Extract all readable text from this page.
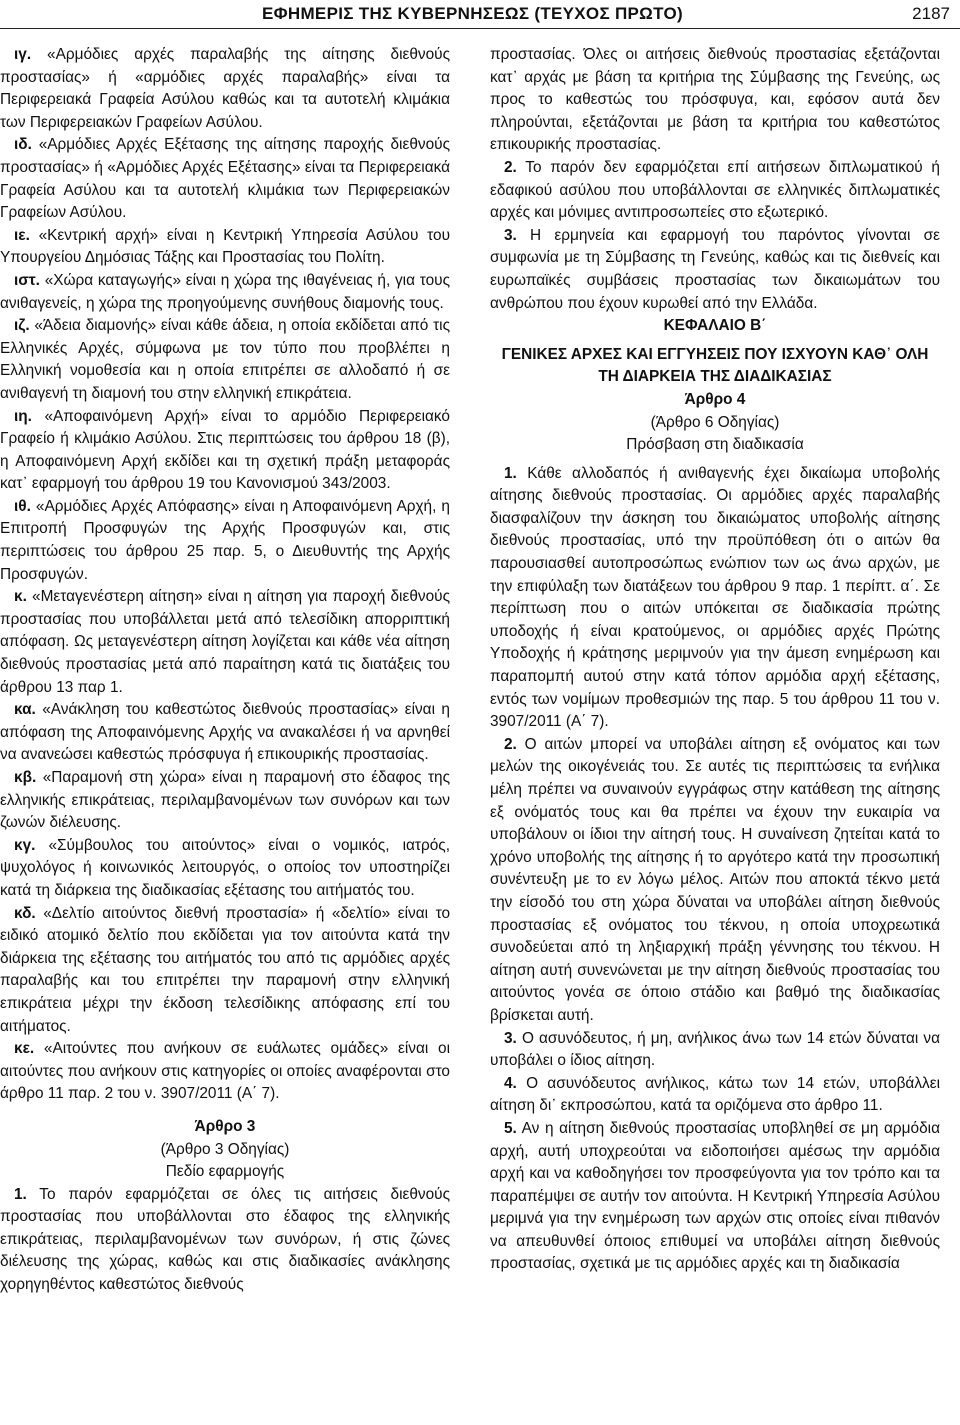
ΕΦΗΜΕΡΙΣ ΤΗΣ ΚΥΒΕΡΝΗΣΕΩΣ (ΤΕΥΧΟΣ ΠΡΩΤΟ)	2187

ιγ. «Αρμόδιες αρχές παραλαβής της αίτησης διεθνούς προστασίας» ή «αρμόδιες αρχές παραλαβής» είναι τα Περιφερειακά Γραφεία Ασύλου καθώς και τα αυτοτελή κλιμάκια των Περιφερειακών Γραφείων Ασύλου.

ιδ. «Αρμόδιες Αρχές Εξέτασης της αίτησης παροχής διεθνούς προστασίας» ή «Αρμόδιες Αρχές Εξέτασης» είναι τα Περιφερειακά Γραφεία Ασύλου και τα αυτοτελή κλιμάκια των Περιφερειακών Γραφείων Ασύλου.

ιε. «Κεντρική αρχή» είναι η Κεντρική Υπηρεσία Ασύλου του Υπουργείου Δημόσιας Τάξης και Προστασίας του Πολίτη.

ιστ. «Χώρα καταγωγής» είναι η χώρα της ιθαγένειας ή, για τους ανιθαγενείς, η χώρα της προηγούμενης συνήθους διαμονής τους.

ιζ. «Άδεια διαμονής» είναι κάθε άδεια, η οποία εκδίδεται από τις Ελληνικές Αρχές, σύμφωνα με τον τύπο που προβλέπει η Ελληνική νομοθεσία και η οποία επιτρέπει σε αλλοδαπό ή σε ανιθαγενή τη διαμονή του στην ελληνική επικράτεια.

ιη. «Αποφαινόμενη Αρχή» είναι το αρμόδιο Περιφερειακό Γραφείο ή κλιμάκιο Ασύλου. Στις περιπτώσεις του άρθρου 18 (β), η Αποφαινόμενη Αρχή εκδίδει και τη σχετική πράξη μεταφοράς κατ᾽ εφαρμογή του άρθρου 19 του Κανονισμού 343/2003.

ιθ. «Αρμόδιες Αρχές Απόφασης» είναι η Αποφαινόμενη Αρχή, η Επιτροπή Προσφυγών της Αρχής Προσφυγών και, στις περιπτώσεις του άρθρου 25 παρ. 5, ο Διευθυντής της Αρχής Προσφυγών.

κ. «Μεταγενέστερη αίτηση» είναι η αίτηση για παροχή διεθνούς προστασίας που υποβάλλεται μετά από τελεσίδικη απορριπτική απόφαση. Ως μεταγενέστερη αίτηση λογίζεται και κάθε νέα αίτηση διεθνούς προστασίας μετά από παραίτηση κατά τις διατάξεις του άρθρου 13 παρ 1.

κα. «Ανάκληση του καθεστώτος διεθνούς προστασίας» είναι η απόφαση της Αποφαινόμενης Αρχής να ανακαλέσει ή να αρνηθεί να ανανεώσει καθεστώς πρόσφυγα ή επικουρικής προστασίας.

κβ. «Παραμονή στη χώρα» είναι η παραμονή στο έδαφος της ελληνικής επικράτειας, περιλαμβανομένων των συνόρων και των ζωνών διέλευσης.

κγ. «Σύμβουλος του αιτούντος» είναι ο νομικός, ιατρός, ψυχολόγος ή κοινωνικός λειτουργός, ο οποίος τον υποστηρίζει κατά τη διάρκεια της διαδικασίας εξέτασης του αιτήματός του.

κδ. «Δελτίο αιτούντος διεθνή προστασία» ή «δελτίο» είναι το ειδικό ατομικό δελτίο που εκδίδεται για τον αιτούντα κατά την διάρκεια της εξέτασης του αιτήματός του από τις αρμόδιες αρχές παραλαβής και του επιτρέπει την παραμονή στην ελληνική επικράτεια μέχρι την έκδοση τελεσίδικης απόφασης επί του αιτήματος.

κε. «Αιτούντες που ανήκουν σε ευάλωτες ομάδες» είναι οι αιτούντες που ανήκουν στις κατηγορίες οι οποίες αναφέρονται στο άρθρο 11 παρ. 2 του ν. 3907/2011 (Α΄ 7).

Άρθρο 3

(Άρθρο 3 Οδηγίας)

Πεδίο εφαρμογής

1. Το παρόν εφαρμόζεται σε όλες τις αιτήσεις διεθνούς προστασίας που υποβάλλονται στο έδαφος της ελληνικής επικράτειας, περιλαμβανομένων των συνόρων, ή στις ζώνες διέλευσης της χώρας, καθώς και στις διαδικασίες ανάκλησης χορηγηθέντος καθεστώτος διεθνούς

προστασίας. Όλες οι αιτήσεις διεθνούς προστασίας εξετάζονται κατ᾽ αρχάς με βάση τα κριτήρια της Σύμβασης της Γενεύης, ως προς το καθεστώς του πρόσφυγα, και, εφόσον αυτά δεν πληρούνται, εξετάζονται με βάση τα κριτήρια του καθεστώτος επικουρικής προστασίας.

2. Το παρόν δεν εφαρμόζεται επί αιτήσεων διπλωματικού ή εδαφικού ασύλου που υποβάλλονται σε ελληνικές διπλωματικές αρχές και μόνιμες αντιπροσωπείες στο εξωτερικό.

3. Η ερμηνεία και εφαρμογή του παρόντος γίνονται σε συμφωνία με τη Σύμβασης τη Γενεύης, καθώς και τις διεθνείς και ευρωπαϊκές συμβάσεις προστασίας των δικαιωμάτων του ανθρώπου που έχουν κυρωθεί από την Ελλάδα.

ΚΕΦΑΛΑΙΟ Β΄

ΓΕΝΙΚΕΣ ΑΡΧΕΣ ΚΑΙ ΕΓΓΥΗΣΕΙΣ ΠΟΥ ΙΣΧΥΟΥΝ ΚΑΘ᾽ ΟΛΗ ΤΗ ΔΙΑΡΚΕΙΑ ΤΗΣ ΔΙΑΔΙΚΑΣΙΑΣ

Άρθρο 4

(Άρθρο 6 Οδηγίας)

Πρόσβαση στη διαδικασία

1. Κάθε αλλοδαπός ή ανιθαγενής έχει δικαίωμα υποβολής αίτησης διεθνούς προστασίας. Οι αρμόδιες αρχές παραλαβής διασφαλίζουν την άσκηση του δικαιώματος υποβολής αίτησης διεθνούς προστασίας, υπό την προϋπόθεση ότι ο αιτών θα παρουσιασθεί αυτοπροσώπως ενώπιον των ως άνω αρχών, με την επιφύλαξη των διατάξεων του άρθρου 9 παρ. 1 περίπτ. α΄. Σε περίπτωση που ο αιτών υπόκειται σε διαδικασία πρώτης υποδοχής ή είναι κρατούμενος, οι αρμόδιες αρχές Πρώτης Υποδοχής ή κράτησης μεριμνούν για την άμεση ενημέρωση και παραπομπή αυτού στην κατά τόπον αρμόδια αρχή εξέτασης, εντός των νομίμων προθεσμιών της παρ. 5 του άρθρου 11 του ν. 3907/2011 (Α΄ 7).

2. Ο αιτών μπορεί να υποβάλει αίτηση εξ ονόματος και των μελών της οικογένειάς του. Σε αυτές τις περιπτώσεις τα ενήλικα μέλη πρέπει να συναινούν εγγράφως στην κατάθεση της αίτησης εξ ονόματός τους και θα πρέπει να έχουν την ευκαιρία να υποβάλουν οι ίδιοι την αίτησή τους. Η συναίνεση ζητείται κατά το χρόνο υποβολής της αίτησης ή το αργότερο κατά την προσωπική συνέντευξη με το εν λόγω μέλος. Αιτών που αποκτά τέκνο μετά την είσοδό του στη χώρα δύναται να υποβάλει αίτηση διεθνούς προστασίας εξ ονόματος του τέκνου, η οποία υποχρεωτικά συνοδεύεται από τη ληξιαρχική πράξη γέννησης του τέκνου. Η αίτηση αυτή συνενώνεται με την αίτηση διεθνούς προστασίας του αιτούντος γονέα σε όποιο στάδιο και βαθμό της διαδικασίας βρίσκεται αυτή.

3. Ο ασυνόδευτος, ή μη, ανήλικος άνω των 14 ετών δύναται να υποβάλει ο ίδιος αίτηση.

4. Ο ασυνόδευτος ανήλικος, κάτω των 14 ετών, υποβάλλει αίτηση δι᾽ εκπροσώπου, κατά τα οριζόμενα στο άρθρο 11.

5. Αν η αίτηση διεθνούς προστασίας υποβληθεί σε μη αρμόδια αρχή, αυτή υποχρεούται να ειδοποιήσει αμέσως την αρμόδια αρχή και να καθοδηγήσει τον προσφεύγοντα για τον τρόπο και τα παραπέμψει σε αυτήν τον αιτούντα. Η Κεντρική Υπηρεσία Ασύλου μεριμνά για την ενημέρωση των αρχών στις οποίες είναι πιθανόν να απευθυνθεί όποιος επιθυμεί να υποβάλει αίτηση διεθνούς προστασίας, σχετικά με τις αρμόδιες αρχές και τη διαδικασία
